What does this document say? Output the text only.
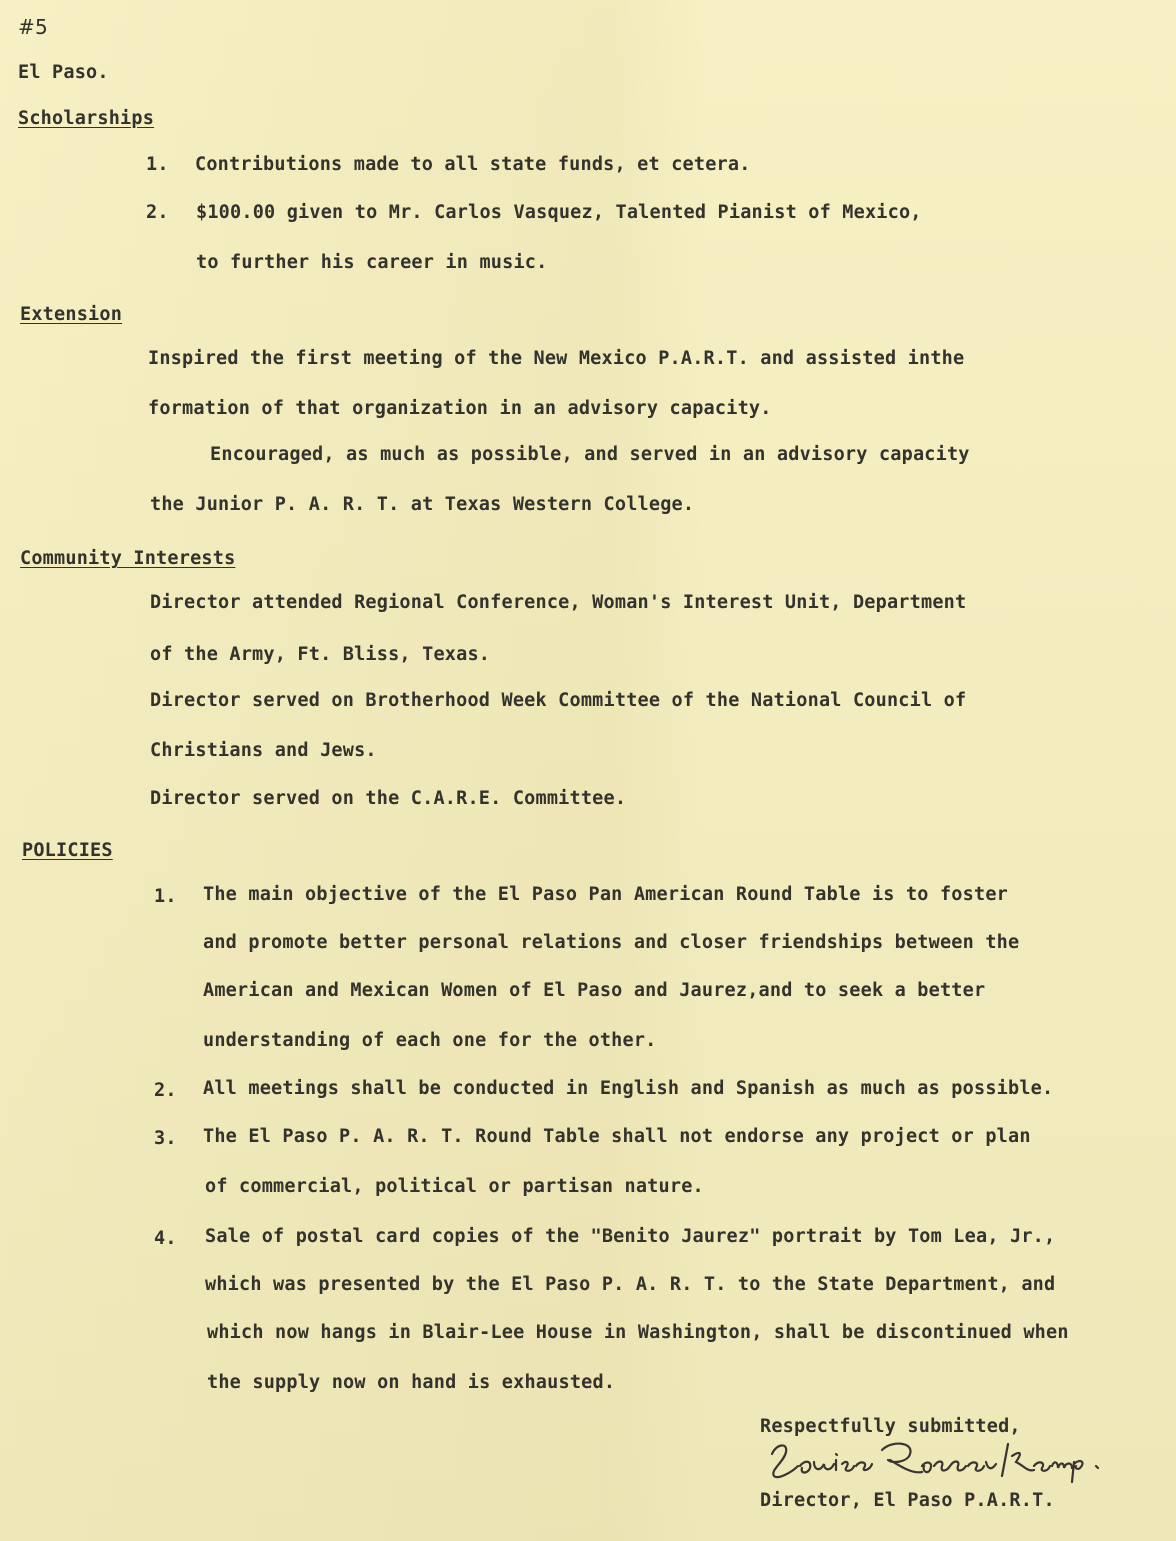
#5
El Paso.
Scholarships
1. Contributions made to all state funds, et cetera.
2. $100.00 given to Mr. Carlos Vasquez, Talented Pianist of Mexico,
to further his career in music.
Extension
Inspired the first meeting of the New Mexico P.A.R.T. and assisted inthe
formation of that organization in an advisory capacity.
Encouraged, as much as possible, and served in an advisory capacity
the Junior P. A. R. T. at Texas Western College.
Community Interests
Director attended Regional Conference, Woman's Interest Unit, Department
of the Army, Ft. Bliss, Texas.
Director served on Brotherhood Week Committee of the National Council of
Christians and Jews.
Director served on the C.A.R.E. Committee.
POLICIES
1. The main objective of the El Paso Pan American Round Table is to foster
and promote better personal relations and closer friendships between the
American and Mexican Women of El Paso and Jaurez,and to seek a better
understanding of each one for the other.
2. All meetings shall be conducted in English and Spanish as much as possible.
3. The El Paso P. A. R. T. Round Table shall not endorse any project or plan
of commercial, political or partisan nature.
4. Sale of postal card copies of the "Benito Jaurez" portrait by Tom Lea, Jr.,
which was presented by the El Paso P. A. R. T. to the State Department, and
which now hangs in Blair-Lee House in Washington, shall be discontinued when
the supply now on hand is exhausted.
Respectfully submitted,
Director, El Paso P.A.R.T.
